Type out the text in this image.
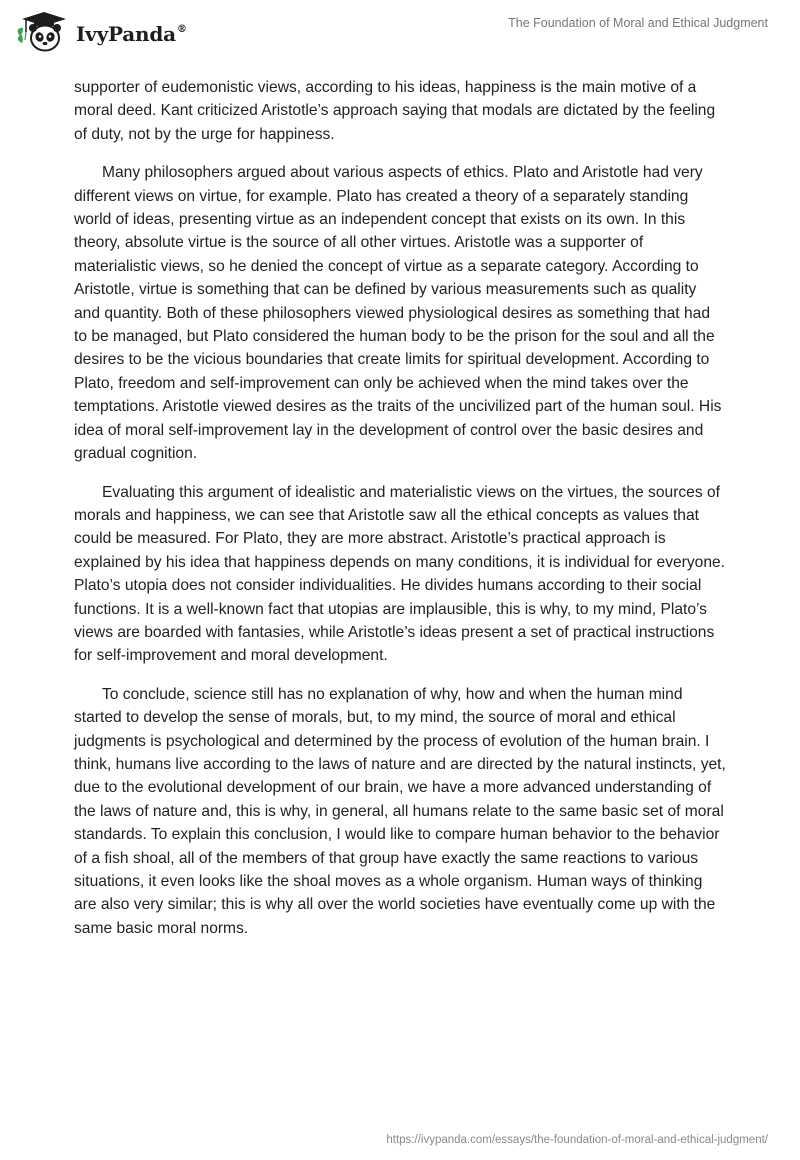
IvyPanda®	The Foundation of Moral and Ethical Judgment

supporter of eudemonistic views, according to his ideas, happiness is the main motive of a moral deed. Kant criticized Aristotle’s approach saying that modals are dictated by the feeling of duty, not by the urge for happiness.

Many philosophers argued about various aspects of ethics. Plato and Aristotle had very different views on virtue, for example. Plato has created a theory of a separately standing world of ideas, presenting virtue as an independent concept that exists on its own. In this theory, absolute virtue is the source of all other virtues. Aristotle was a supporter of materialistic views, so he denied the concept of virtue as a separate category. According to Aristotle, virtue is something that can be defined by various measurements such as quality and quantity. Both of these philosophers viewed physiological desires as something that had to be managed, but Plato considered the human body to be the prison for the soul and all the desires to be the vicious boundaries that create limits for spiritual development. According to Plato, freedom and self-improvement can only be achieved when the mind takes over the temptations. Aristotle viewed desires as the traits of the uncivilized part of the human soul. His idea of moral self-improvement lay in the development of control over the basic desires and gradual cognition.

Evaluating this argument of idealistic and materialistic views on the virtues, the sources of morals and happiness, we can see that Aristotle saw all the ethical concepts as values that could be measured. For Plato, they are more abstract. Aristotle’s practical approach is explained by his idea that happiness depends on many conditions, it is individual for everyone. Plato’s utopia does not consider individualities. He divides humans according to their social functions. It is a well-known fact that utopias are implausible, this is why, to my mind, Plato’s views are boarded with fantasies, while Aristotle’s ideas present a set of practical instructions for self-improvement and moral development.

To conclude, science still has no explanation of why, how and when the human mind started to develop the sense of morals, but, to my mind, the source of moral and ethical judgments is psychological and determined by the process of evolution of the human brain. I think, humans live according to the laws of nature and are directed by the natural instincts, yet, due to the evolutional development of our brain, we have a more advanced understanding of the laws of nature and, this is why, in general, all humans relate to the same basic set of moral standards. To explain this conclusion, I would like to compare human behavior to the behavior of a fish shoal, all of the members of that group have exactly the same reactions to various situations, it even looks like the shoal moves as a whole organism. Human ways of thinking are also very similar; this is why all over the world societies have eventually come up with the same basic moral norms.

https://ivypanda.com/essays/the-foundation-of-moral-and-ethical-judgment/
